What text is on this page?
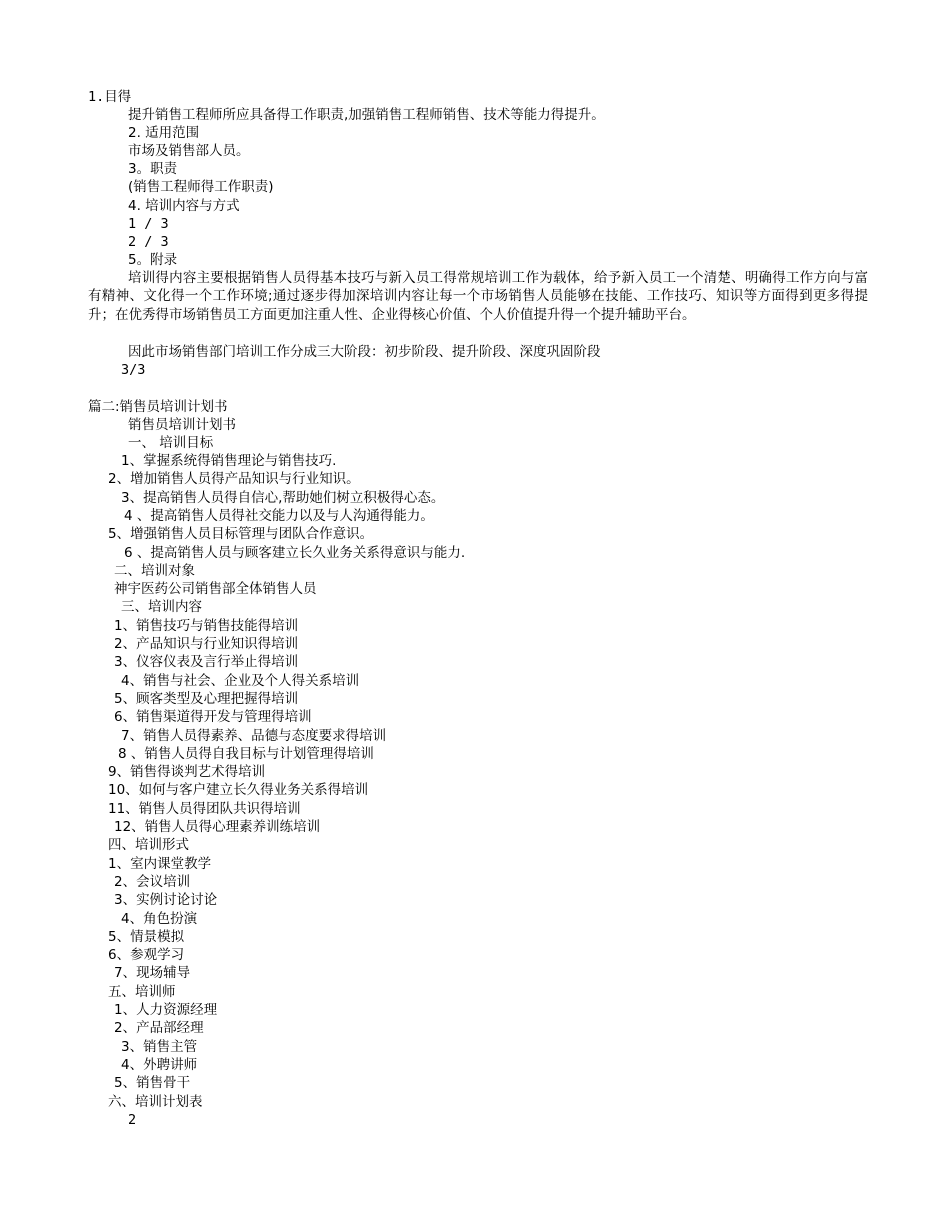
1.目得
提升销售工程师所应具备得工作职责,加强销售工程师销售、技术等能力得提升。
2. 适用范围
市场及销售部人员。
3。职责
(销售工程师得工作职责)
4. 培训内容与方式
1 / 3
2 / 3
5。附录
培训得内容主要根据销售人员得基本技巧与新入员工得常规培训工作为载体，给予新入员工一个清楚、明确得工作方向与富有精神、文化得一个工作环境;通过逐步得加深培训内容让每一个市场销售人员能够在技能、工作技巧、知识等方面得到更多得提升；在优秀得市场销售员工方面更加注重人性、企业得核心价值、个人价值提升得一个提升辅助平台。
因此市场销售部门培训工作分成三大阶段：初步阶段、提升阶段、深度巩固阶段
3/3
篇二:销售员培训计划书
销售员培训计划书
一、 培训目标
1、掌握系统得销售理论与销售技巧.
2、增加销售人员得产品知识与行业知识。
3、提高销售人员得自信心,帮助她们树立积极得心态。
4 、提高销售人员得社交能力以及与人沟通得能力。
5、增强销售人员目标管理与团队合作意识。
6 、提高销售人员与顾客建立长久业务关系得意识与能力.
二、培训对象
神宇医药公司销售部全体销售人员
三、培训内容
1、销售技巧与销售技能得培训
2、产品知识与行业知识得培训
3、仪容仪表及言行举止得培训
4、销售与社会、企业及个人得关系培训
5、顾客类型及心理把握得培训
6、销售渠道得开发与管理得培训
7、销售人员得素养、品德与态度要求得培训
8 、销售人员得自我目标与计划管理得培训
9、销售得谈判艺术得培训
10、如何与客户建立长久得业务关系得培训
11、销售人员得团队共识得培训
12、销售人员得心理素养训练培训
四、培训形式
1、室内课堂教学
2、会议培训
3、实例讨论讨论
4、角色扮演
5、情景模拟
6、参观学习
7、现场辅导
五、培训师
1、人力资源经理
2、产品部经理
3、销售主管
4、外聘讲师
5、销售骨干
六、培训计划表
2
